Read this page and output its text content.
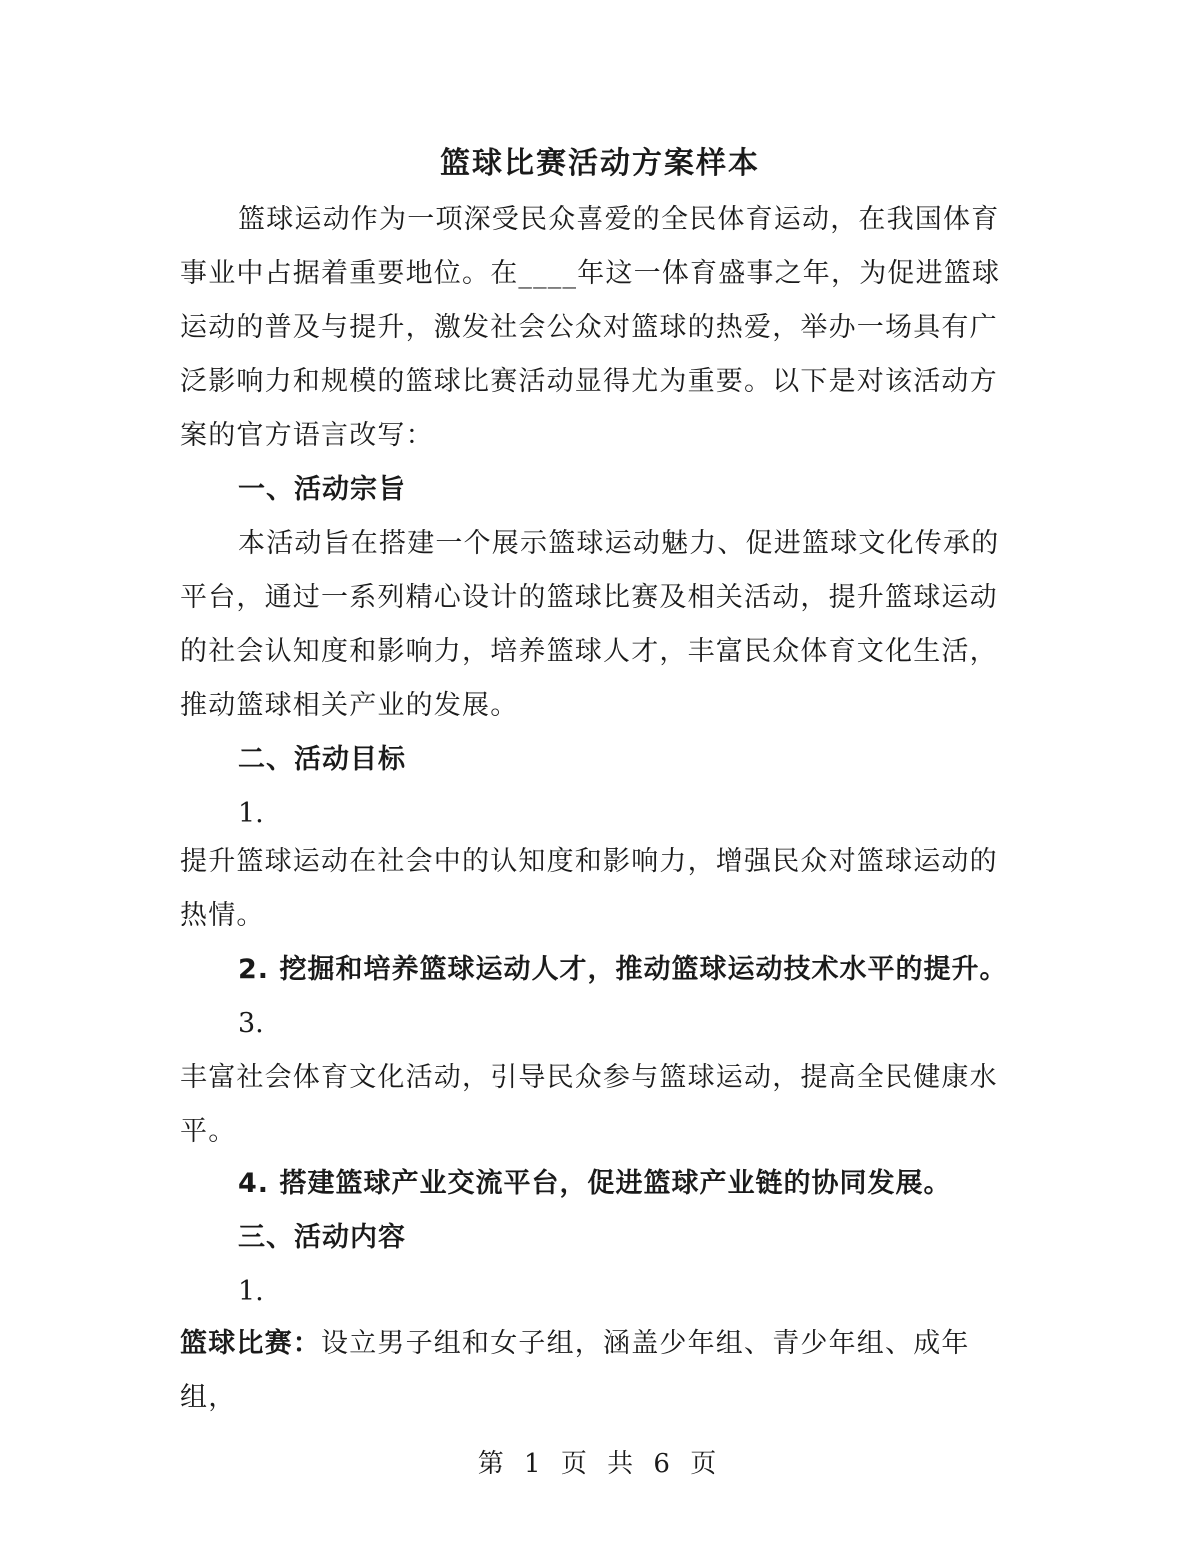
篮球比赛活动方案样本
篮球运动作为一项深受民众喜爱的全民体育运动，在我国体育事业中占据着重要地位。在____年这一体育盛事之年，为促进篮球运动的普及与提升，激发社会公众对篮球的热爱，举办一场具有广泛影响力和规模的篮球比赛活动显得尤为重要。以下是对该活动方案的官方语言改写：
一、活动宗旨
本活动旨在搭建一个展示篮球运动魅力、促进篮球文化传承的平台，通过一系列精心设计的篮球比赛及相关活动，提升篮球运动的社会认知度和影响力，培养篮球人才，丰富民众体育文化生活，推动篮球相关产业的发展。
二、活动目标
1.
提升篮球运动在社会中的认知度和影响力，增强民众对篮球运动的热情。
2. 挖掘和培养篮球运动人才，推动篮球运动技术水平的提升。
3.
丰富社会体育文化活动，引导民众参与篮球运动，提高全民健康水平。
4. 搭建篮球产业交流平台，促进篮球产业链的协同发展。
三、活动内容
1.
篮球比赛：设立男子组和女子组，涵盖少年组、青少年组、成年组，
第 1 页 共 6 页
